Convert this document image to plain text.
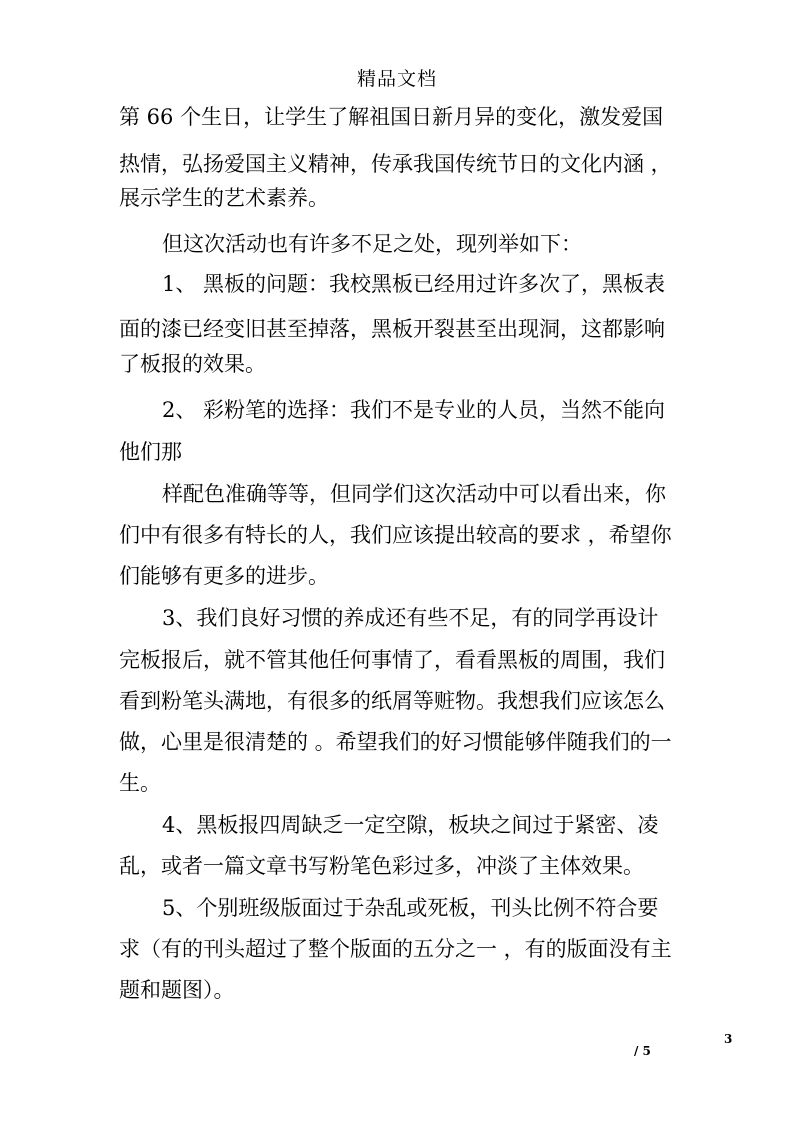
精品文档
第 66 个生日，让学生了解祖国日新月异的变化，激发爱国
热情，弘扬爱国主义精神，传承我国传统节日的文化内涵 ，
展示学生的艺术素养。
但这次活动也有许多不足之处，现列举如下：
1、 黑板的问题：我校黑板已经用过许多次了，黑板表
面的漆已经变旧甚至掉落，黑板开裂甚至出现洞，这都影响
了板报的效果。
2、 彩粉笔的选择：我们不是专业的人员，当然不能向
他们那
样配色准确等等，但同学们这次活动中可以看出来，你
们中有很多有特长的人，我们应该提出较高的要求 ，希望你
们能够有更多的进步。
3、我们良好习惯的养成还有些不足，有的同学再设计
完板报后，就不管其他任何事情了，看看黑板的周围，我们
看到粉笔头满地，有很多的纸屑等赃物。我想我们应该怎么
做，心里是很清楚的 。希望我们的好习惯能够伴随我们的一
生。
4、黑板报四周缺乏一定空隙，板块之间过于紧密、凌
乱，或者一篇文章书写粉笔色彩过多，冲淡了主体效果。
5、个别班级版面过于杂乱或死板，刊头比例不符合要
求（有的刊头超过了整个版面的五分之一 ，有的版面没有主
题和题图）。
3
/ 5
